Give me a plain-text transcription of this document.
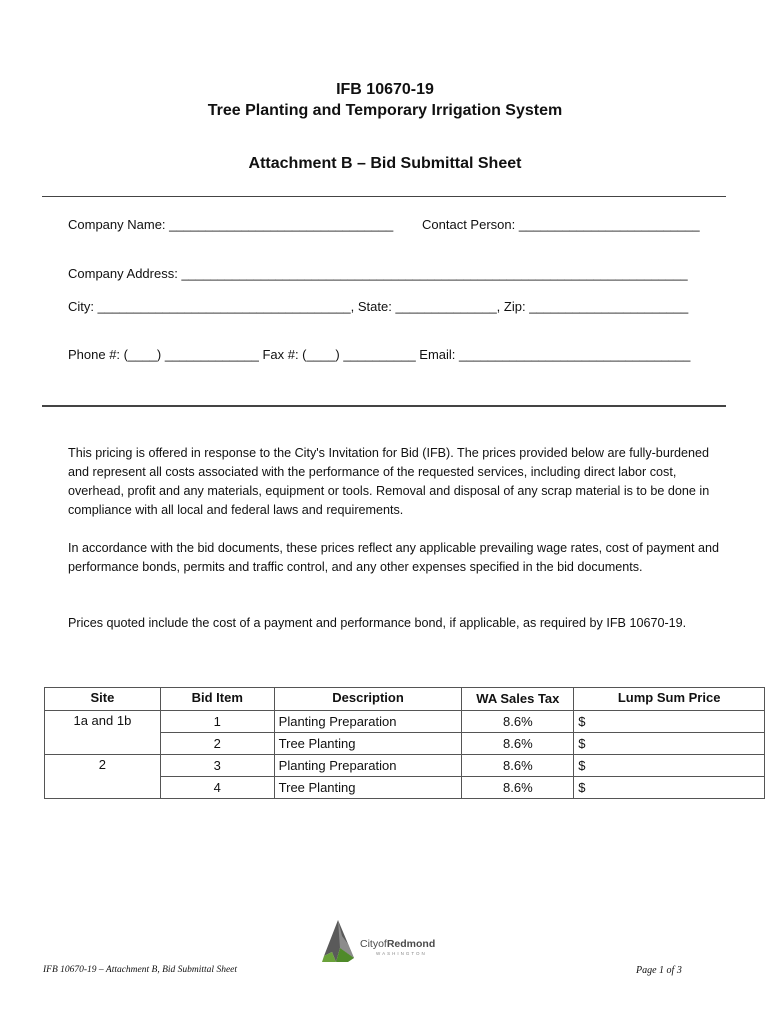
IFB 10670-19
Tree Planting and Temporary Irrigation System
Attachment B – Bid Submittal Sheet
Company Name: _______________________________ Contact Person: _________________________
Company Address: ______________________________________________________________________
City: ___________________________________, State: ______________, Zip: ______________________
Phone #: (____) _____________ Fax #: (____) __________ Email: ________________________________
This pricing is offered in response to the City's Invitation for Bid (IFB). The prices provided below are fully-burdened and represent all costs associated with the performance of the requested services, including direct labor cost, overhead, profit and any materials, equipment or tools. Removal and disposal of any scrap material is to be done in compliance with all local and federal laws and requirements.
In accordance with the bid documents, these prices reflect any applicable prevailing wage rates, cost of payment and performance bonds, permits and traffic control, and any other expenses specified in the bid documents.
Prices quoted include the cost of a payment and performance bond, if applicable, as required by IFB 10670-19.
Site	Bid Item	Description	WA Sales Tax	Lump Sum Price
1a and 1b	1	Planting Preparation	8.6%	$
	2	Tree Planting	8.6%	$
2	3	Planting Preparation	8.6%	$
	4	Tree Planting	8.6%	$
CityofRedmond
WASHINGTON
IFB 10670-19 – Attachment B, Bid Submittal Sheet	Page 1 of 3
